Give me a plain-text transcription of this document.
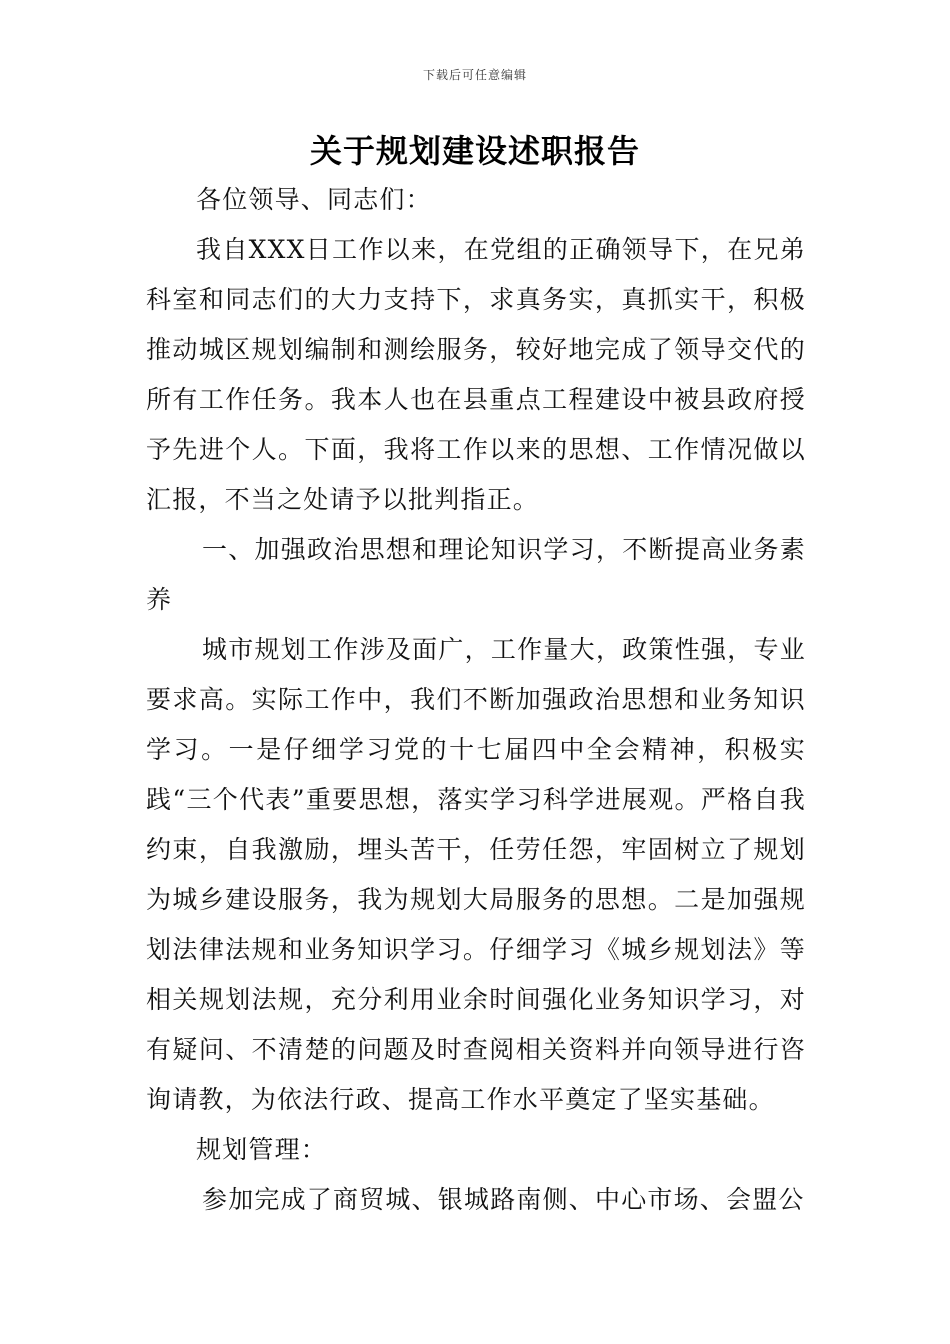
下载后可任意编辑
关于规划建设述职报告

各位领导、同志们：

我自XXX日工作以来，在党组的正确领导下，在兄弟科室和同志们的大力支持下，求真务实，真抓实干，积极推动城区规划编制和测绘服务，较好地完成了领导交代的所有工作任务。我本人也在县重点工程建设中被县政府授予先进个人。下面，我将工作以来的思想、工作情况做以汇报，不当之处请予以批判指正。

一、加强政治思想和理论知识学习，不断提高业务素养

城市规划工作涉及面广，工作量大，政策性强，专业要求高。实际工作中，我们不断加强政治思想和业务知识学习。一是仔细学习党的十七届四中全会精神，积极实践“三个代表”重要思想，落实学习科学进展观。严格自我约束，自我激励，埋头苦干，任劳任怨，牢固树立了规划为城乡建设服务，我为规划大局服务的思想。二是加强规划法律法规和业务知识学习。仔细学习《城乡规划法》等相关规划法规，充分利用业余时间强化业务知识学习，对有疑问、不清楚的问题及时查阅相关资料并向领导进行咨询请教，为依法行政、提高工作水平奠定了坚实基础。

规划管理：

参加完成了商贸城、银城路南侧、中心市场、会盟公
